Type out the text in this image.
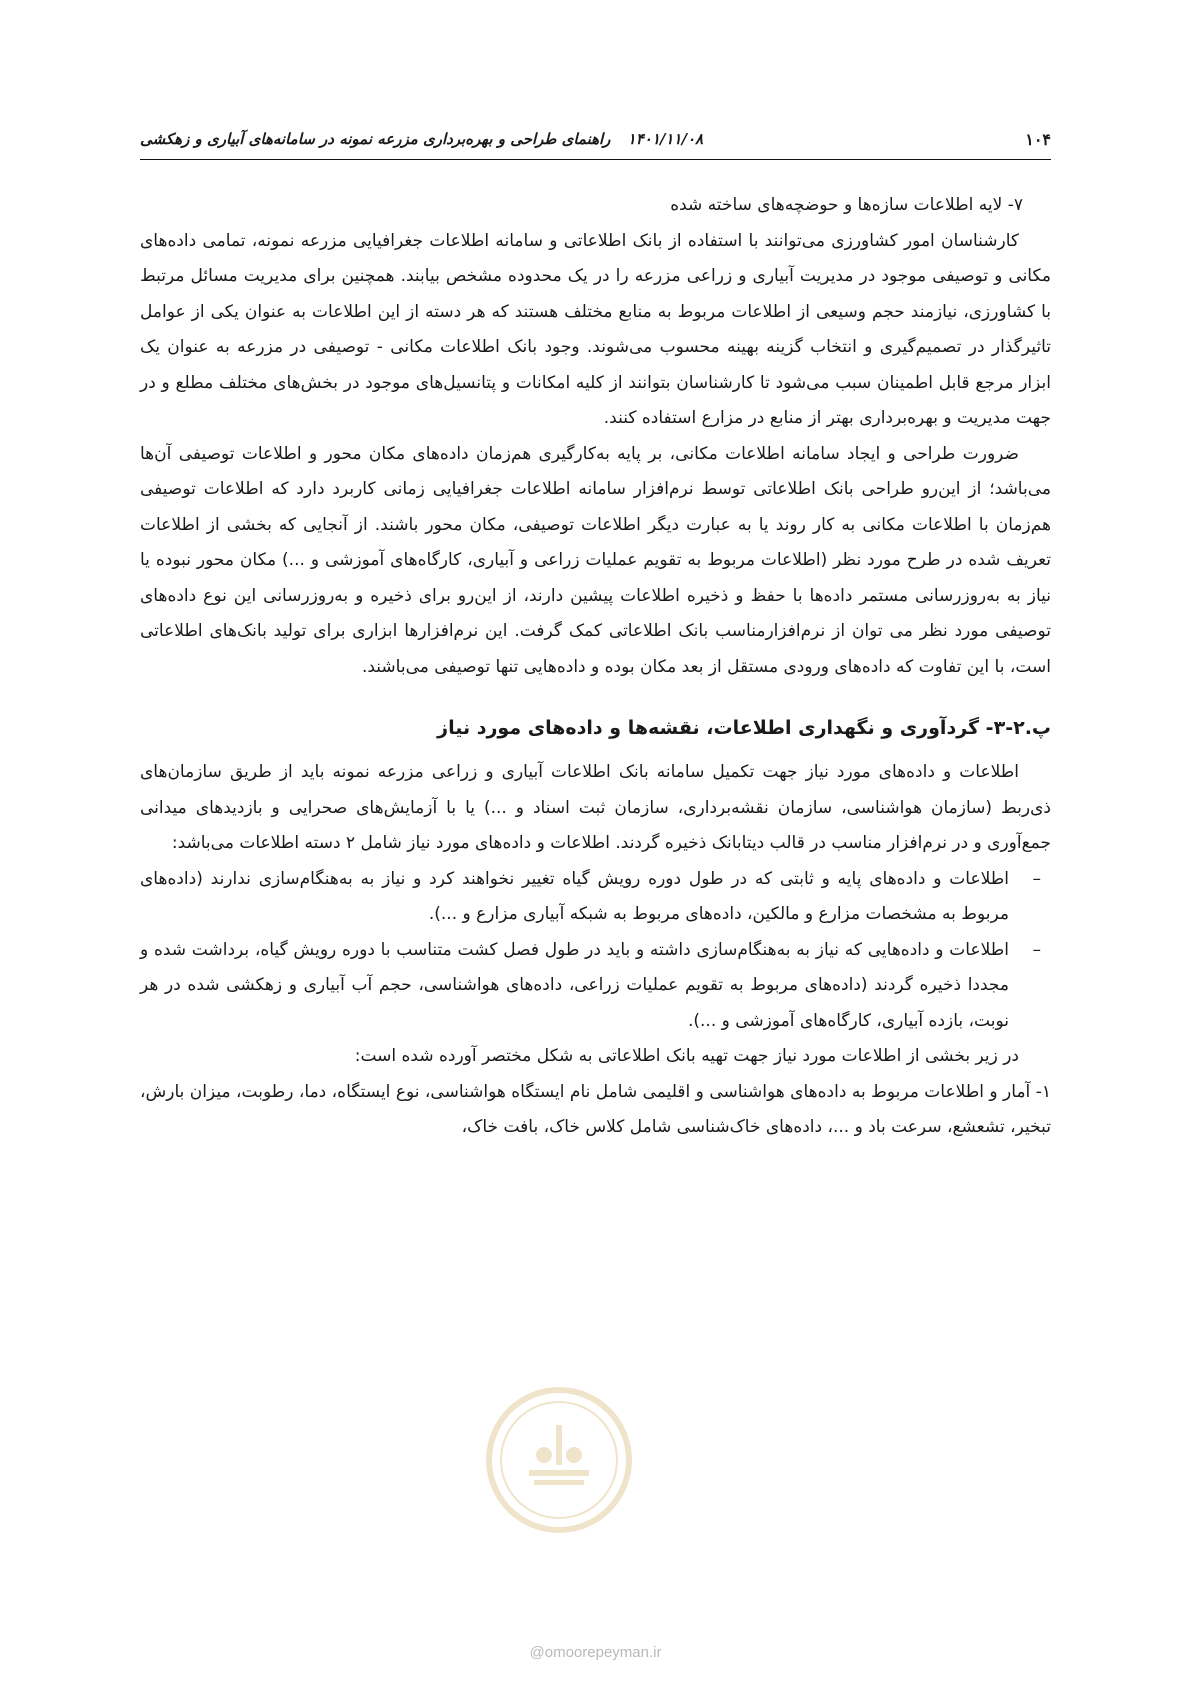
۱۰۴
۱۴۰۱/۱۱/۰۸ راهنمای طراحی و بهره‌برداری مزرعه نمونه در سامانه‌های آبیاری و زهکشی

۷- لایه اطلاعات سازه‌ها و حوضچه‌های ساخته شده

کارشناسان امور کشاورزی می‌توانند با استفاده از بانک اطلاعاتی و سامانه اطلاعات جغرافیایی مزرعه نمونه، تمامی داده‌های مکانی و توصیفی موجود در مدیریت آبیاری و زراعی مزرعه را در یک محدوده مشخص بیابند. همچنین برای مدیریت مسائل مرتبط با کشاورزی، نیازمند حجم وسیعی از اطلاعات مربوط به منابع مختلف هستند که هر دسته از این اطلاعات به عنوان یکی از عوامل تاثیرگذار در تصمیم‌گیری و انتخاب گزینه بهینه محسوب می‌شوند. وجود بانک اطلاعات مکانی - توصیفی در مزرعه به عنوان یک ابزار مرجع قابل اطمینان سبب می‌شود تا کارشناسان بتوانند از کلیه امکانات و پتانسیل‌های موجود در بخش‌های مختلف مطلع و در جهت مدیریت و بهره‌برداری بهتر از منابع در مزارع استفاده کنند.

ضرورت طراحی و ایجاد سامانه اطلاعات مکانی، بر پایه به‌کارگیری هم‌زمان داده‌های مکان محور و اطلاعات توصیفی آن‌ها می‌باشد؛ از این‌رو طراحی بانک اطلاعاتی توسط نرم‌افزار سامانه اطلاعات جغرافیایی زمانی کاربرد دارد که اطلاعات توصیفی هم‌زمان با اطلاعات مکانی به کار روند یا به عبارت دیگر اطلاعات توصیفی، مکان محور باشند. از آنجایی که بخشی از اطلاعات تعریف شده در طرح مورد نظر (اطلاعات مربوط به تقویم عملیات زراعی و آبیاری، کارگاه‌های آموزشی و ...) مکان محور نبوده یا نیاز به به‌روزرسانی مستمر داده‌ها با حفظ و ذخیره اطلاعات پیشین دارند، از این‌رو برای ذخیره و به‌روزرسانی این نوع داده‌های توصیفی مورد نظر می توان از نرم‌افزارمناسب بانک اطلاعاتی کمک گرفت. این نرم‌افزارها ابزاری برای تولید بانک‌های اطلاعاتی است، با این تفاوت که داده‌های ورودی مستقل از بعد مکان بوده و داده‌هایی تنها توصیفی می‌باشند.

پ.۲-۳- گردآوری و نگهداری اطلاعات، نقشه‌ها و داده‌های مورد نیاز

اطلاعات و داده‌های مورد نیاز جهت تکمیل سامانه بانک اطلاعات آبیاری و زراعی مزرعه نمونه باید از طریق سازمان‌های ذی‌ربط (سازمان هواشناسی، سازمان نقشه‌برداری، سازمان ثبت اسناد و ...) یا با آزمایش‌های صحرایی و بازدیدهای میدانی جمع‌آوری و در نرم‌افزار مناسب در قالب دیتابانک ذخیره گردند. اطلاعات و داده‌های مورد نیاز شامل ۲ دسته اطلاعات می‌باشد:

–
اطلاعات و داده‌های پایه و ثابتی که در طول دوره رویش گیاه تغییر نخواهند کرد و نیاز به به‌هنگام‌سازی ندارند (داده‌های مربوط به مشخصات مزارع و مالکین، داده‌های مربوط به شبکه آبیاری مزارع و ...).

–
اطلاعات و داده‌هایی که نیاز به به‌هنگام‌سازی داشته و باید در طول فصل کشت متناسب با دوره رویش گیاه، برداشت شده و مجددا ذخیره گردند (داده‌های مربوط به تقویم عملیات زراعی، داده‌های هواشناسی، حجم آب آبیاری و زهکشی شده در هر نوبت، بازده آبیاری، کارگاه‌های آموزشی و ...).

در زیر بخشی از اطلاعات مورد نیاز جهت تهیه بانک اطلاعاتی به شکل مختصر آورده شده است:

۱- آمار و اطلاعات مربوط به داده‌های هواشناسی و اقلیمی شامل نام ایستگاه هواشناسی، نوع ایستگاه، دما، رطوبت، میزان بارش، تبخیر، تشعشع، سرعت باد و ...، داده‌های خاک‌شناسی شامل کلاس خاک، بافت خاک،

@omoorepeyman.ir
